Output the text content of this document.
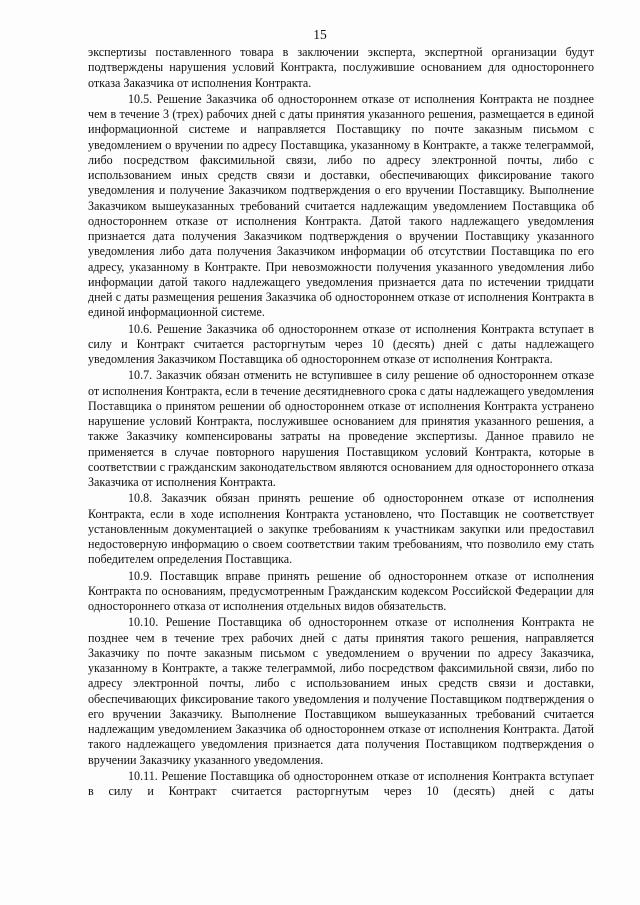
15

экспертизы поставленного товара в заключении эксперта, экспертной организации будут подтверждены нарушения условий Контракта, послужившие основанием для одностороннего отказа Заказчика от исполнения Контракта.

10.5. Решение Заказчика об одностороннем отказе от исполнения Контракта не позднее чем в течение 3 (трех) рабочих дней с даты принятия указанного решения, размещается в единой информационной системе и направляется Поставщику по почте заказным письмом с уведомлением о вручении по адресу Поставщика, указанному в Контракте, а также телеграммой, либо посредством факсимильной связи, либо по адресу электронной почты, либо с использованием иных средств связи и доставки, обеспечивающих фиксирование такого уведомления и получение Заказчиком подтверждения о его вручении Поставщику. Выполнение Заказчиком вышеуказанных требований считается надлежащим уведомлением Поставщика об одностороннем отказе от исполнения Контракта. Датой такого надлежащего уведомления признается дата получения Заказчиком подтверждения о вручении Поставщику указанного уведомления либо дата получения Заказчиком информации об отсутствии Поставщика по его адресу, указанному в Контракте. При невозможности получения указанного уведомления либо информации датой такого надлежащего уведомления признается дата по истечении тридцати дней с даты размещения решения Заказчика об одностороннем отказе от исполнения Контракта в единой информационной системе.

10.6. Решение Заказчика об одностороннем отказе от исполнения Контракта вступает в силу и Контракт считается расторгнутым через 10 (десять) дней с даты надлежащего уведомления Заказчиком Поставщика об одностороннем отказе от исполнения Контракта.

10.7. Заказчик обязан отменить не вступившее в силу решение об одностороннем отказе от исполнения Контракта, если в течение десятидневного срока с даты надлежащего уведомления Поставщика о принятом решении об одностороннем отказе от исполнения Контракта устранено нарушение условий Контракта, послужившее основанием для принятия указанного решения, а также Заказчику компенсированы затраты на проведение экспертизы. Данное правило не применяется в случае повторного нарушения Поставщиком условий Контракта, которые в соответствии с гражданским законодательством являются основанием для одностороннего отказа Заказчика от исполнения Контракта.

10.8. Заказчик обязан принять решение об одностороннем отказе от исполнения Контракта, если в ходе исполнения Контракта установлено, что Поставщик не соответствует установленным документацией о закупке требованиям к участникам закупки или предоставил недостоверную информацию о своем соответствии таким требованиям, что позволило ему стать победителем определения Поставщика.

10.9. Поставщик вправе принять решение об одностороннем отказе от исполнения Контракта по основаниям, предусмотренным Гражданским кодексом Российской Федерации для одностороннего отказа от исполнения отдельных видов обязательств.

10.10. Решение Поставщика об одностороннем отказе от исполнения Контракта не позднее чем в течение трех рабочих дней с даты принятия такого решения, направляется Заказчику по почте заказным письмом с уведомлением о вручении по адресу Заказчика, указанному в Контракте, а также телеграммой, либо посредством факсимильной связи, либо по адресу электронной почты, либо с использованием иных средств связи и доставки, обеспечивающих фиксирование такого уведомления и получение Поставщиком подтверждения о его вручении Заказчику. Выполнение Поставщиком вышеуказанных требований считается надлежащим уведомлением Заказчика об одностороннем отказе от исполнения Контракта. Датой такого надлежащего уведомления признается дата получения Поставщиком подтверждения о вручении Заказчику указанного уведомления.

10.11. Решение Поставщика об одностороннем отказе от исполнения Контракта вступает в силу и Контракт считается расторгнутым через 10 (десять) дней с даты
